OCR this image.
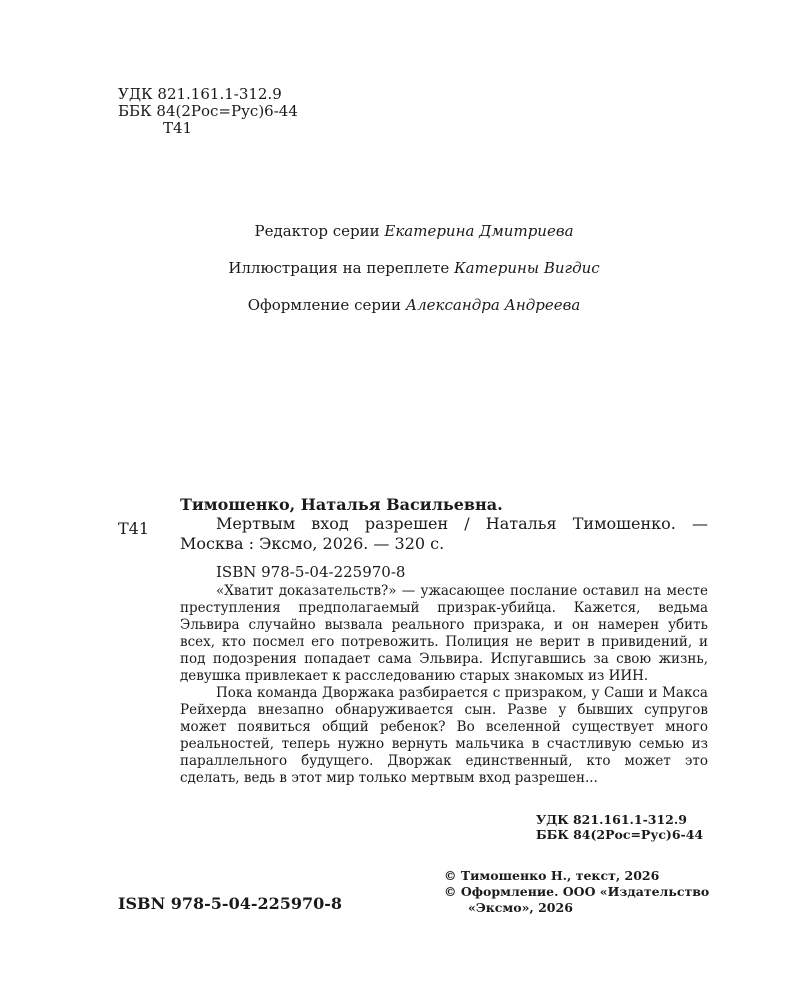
УДК 821.161.1-312.9
ББК 84(2Рос=Рус)6-44
Т41
Редактор серии Екатерина Дмитриева
Иллюстрация на переплете Катерины Вигдис
Оформление серии Александра Андреева
Тимошенко, Наталья Васильевна.
Т41	Мертвым вход разрешен / Наталья Тимошенко. —
Москва : Эксмо, 2026. — 320 с.
ISBN 978-5-04-225970-8

«Хватит доказательств?» — ужасающее послание оставил на месте преступления предполагаемый призрак-убийца. Кажется, ведьма Эльвира случайно вызвала реального призрака, и он намерен убить всех, кто посмел его потревожить. Полиция не верит в привидений, и под подозрения попадает сама Эльвира. Испугавшись за свою жизнь, девушка привлекает к расследованию старых знакомых из ИИН.

Пока команда Дворжака разбирается с призраком, у Саши и Макса Рейхерда внезапно обнаруживается сын. Разве у бывших супругов может появиться общий ребенок? Во вселенной существует много реальностей, теперь нужно вернуть мальчика в счастливую семью из параллельного будущего. Дворжак единственный, кто может это сделать, ведь в этот мир только мертвым вход разрешен...

УДК 821.161.1-312.9
ББК 84(2Рос=Рус)6-44
© Тимошенко Н., текст, 2026
© Оформление. ООО «Издательство
«Эксмо», 2026
ISBN 978-5-04-225970-8
